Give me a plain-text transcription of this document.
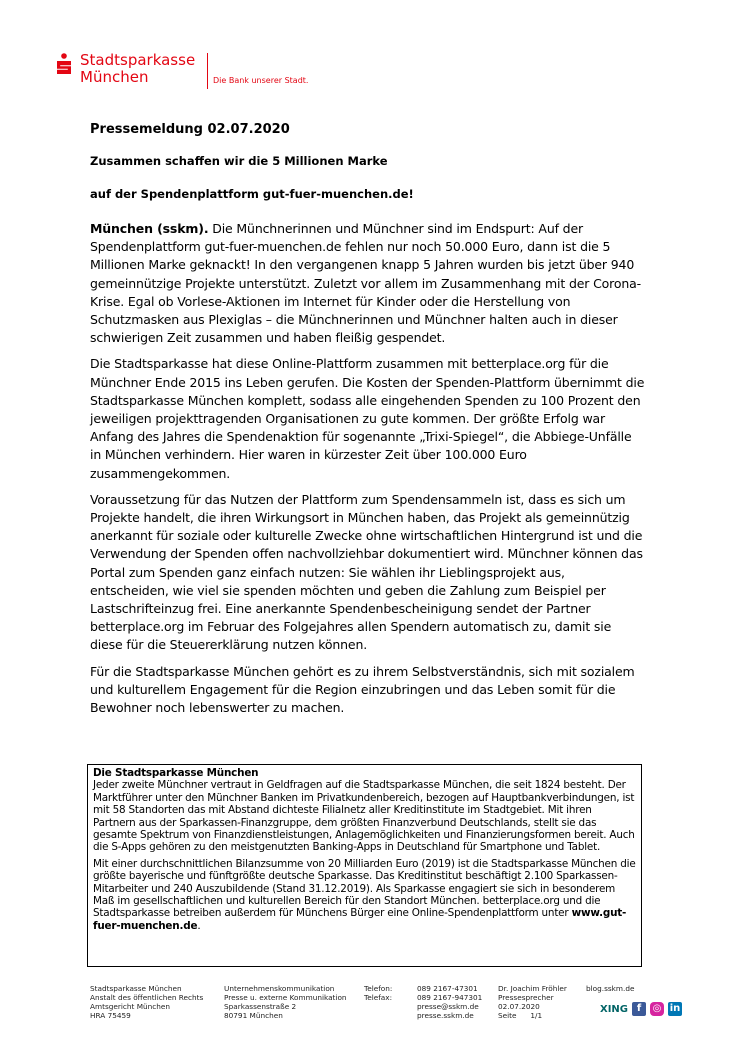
Stadtsparkasse
München	Die Bank unserer Stadt.
Pressemeldung 02.07.2020
Zusammen schaffen wir die 5 Millionen Marke
auf der Spendenplattform gut-fuer-muenchen.de!

München (sskm). Die Münchnerinnen und Münchner sind im Endspurt: Auf der Spendenplattform gut-fuer-muenchen.de fehlen nur noch 50.000 Euro, dann ist die 5 Millionen Marke geknackt! In den vergangenen knapp 5 Jahren wurden bis jetzt über 940 gemeinnützige Projekte unterstützt. Zuletzt vor allem im Zusammenhang mit der Corona-Krise. Egal ob Vorlese-Aktionen im Internet für Kinder oder die Herstellung von Schutzmasken aus Plexiglas – die Münchnerinnen und Münchner halten auch in dieser schwierigen Zeit zusammen und haben fleißig gespendet.

Die Stadtsparkasse hat diese Online-Plattform zusammen mit betterplace.org für die Münchner Ende 2015 ins Leben gerufen. Die Kosten der Spenden-Plattform übernimmt die Stadtsparkasse München komplett, sodass alle eingehenden Spenden zu 100 Prozent den jeweiligen projekttragenden Organisationen zu gute kommen. Der größte Erfolg war Anfang des Jahres die Spendenaktion für sogenannte „Trixi-Spiegel“, die Abbiege-Unfälle in München verhindern. Hier waren in kürzester Zeit über 100.000 Euro zusammengekommen.

Voraussetzung für das Nutzen der Plattform zum Spendensammeln ist, dass es sich um Projekte handelt, die ihren Wirkungsort in München haben, das Projekt als gemeinnützig anerkannt für soziale oder kulturelle Zwecke ohne wirtschaftlichen Hintergrund ist und die Verwendung der Spenden offen nachvollziehbar dokumentiert wird. Münchner können das Portal zum Spenden ganz einfach nutzen: Sie wählen ihr Lieblingsprojekt aus, entscheiden, wie viel sie spenden möchten und geben die Zahlung zum Beispiel per Lastschrifteinzug frei. Eine anerkannte Spendenbescheinigung sendet der Partner betterplace.org im Februar des Folgejahres allen Spendern automatisch zu, damit sie diese für die Steuererklärung nutzen können.

Für die Stadtsparkasse München gehört es zu ihrem Selbstverständnis, sich mit sozialem und kulturellem Engagement für die Region einzubringen und das Leben somit für die Bewohner noch lebenswerter zu machen.

Die Stadtsparkasse München

Jeder zweite Münchner vertraut in Geldfragen auf die Stadtsparkasse München, die seit 1824 besteht. Der Marktführer unter den Münchner Banken im Privatkundenbereich, bezogen auf Hauptbankverbindungen, ist mit 58 Standorten das mit Abstand dichteste Filialnetz aller Kreditinstitute im Stadtgebiet. Mit ihren Partnern aus der Sparkassen-Finanzgruppe, dem größten Finanzverbund Deutschlands, stellt sie das gesamte Spektrum von Finanzdienstleistungen, Anlagemöglichkeiten und Finanzierungsformen bereit. Auch die S-Apps gehören zu den meistgenutzten Banking-Apps in Deutschland für Smartphone und Tablet.

Mit einer durchschnittlichen Bilanzsumme von 20 Milliarden Euro (2019) ist die Stadtsparkasse München die größte bayerische und fünftgrößte deutsche Sparkasse. Das Kreditinstitut beschäftigt 2.100 Sparkassen-Mitarbeiter und 240 Auszubildende (Stand 31.12.2019). Als Sparkasse engagiert sie sich in besonderem Maß im gesellschaftlichen und kulturellen Bereich für den Standort München. betterplace.org und die Stadtsparkasse betreiben außerdem für Münchens Bürger eine Online-Spendenplattform unter www.gut-fuer-muenchen.de.

Stadtsparkasse München
Anstalt des öffentlichen Rechts
Amtsgericht München
HRA 75459
Unternehmenskommunikation
Presse u. externe Kommunikation
Sparkassenstraße 2
80791 München
Telefon:
Telefax:
089 2167-47301
089 2167-947301
presse@sskm.de
presse.sskm.de
Dr. Joachim Fröhler
Pressesprecher
02.07.2020
Seite      1/1
blog.sskm.de
XING f	◎ in
